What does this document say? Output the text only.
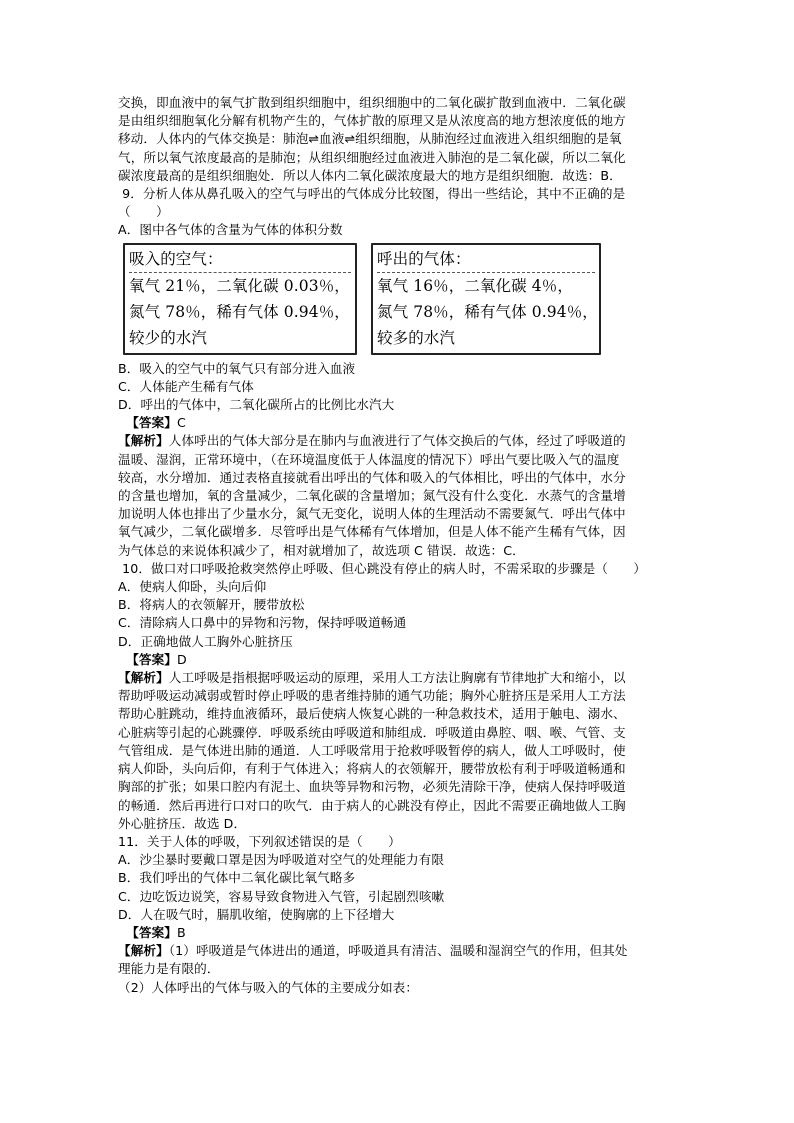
交换，即血液中的氧气扩散到组织细胞中，组织细胞中的二氧化碳扩散到血液中．二氧化碳

是由组织细胞氧化分解有机物产生的，气体扩散的原理又是从浓度高的地方想浓度低的地方

移动．人体内的气体交换是：肺泡⇌血液⇌组织细胞，从肺泡经过血液进入组织细胞的是氧

气，所以氧气浓度最高的是肺泡；从组织细胞经过血液进入肺泡的是二氧化碳，所以二氧化

碳浓度最高的是组织细胞处．所以人体内二氧化碳浓度最大的地方是组织细胞．故选：B．

9．分析人体从鼻孔吸入的空气与呼出的气体成分比较图，得出一些结论，其中不正确的是

（　　）

A．图中各气体的含量为气体的体积分数

吸入的空气：
氧气 21％，二氧化碳 0.03％，
氮气 78％，稀有气体 0.94％，
较少的水汽
呼出的气体：
氧气 16％，二氧化碳 4％，
氮气 78％，稀有气体 0.94％，
较多的水汽

B．吸入的空气中的氧气只有部分进入血液

C．人体能产生稀有气体

D．呼出的气体中，二氧化碳所占的比例比水汽大

【答案】C

【解析】人体呼出的气体大部分是在肺内与血液进行了气体交换后的气体，经过了呼吸道的

温暖、湿润，正常环境中，（在环境温度低于人体温度的情况下）呼出气要比吸入气的温度

较高，水分增加．通过表格直接就看出呼出的气体和吸入的气体相比，呼出的气体中，水分

的含量也增加，氧的含量减少，二氧化碳的含量增加；氮气没有什么变化．水蒸气的含量增

加说明人体也排出了少量水分，氮气无变化，说明人体的生理活动不需要氮气．呼出气体中

氧气减少，二氧化碳增多．尽管呼出是气体稀有气体增加，但是人体不能产生稀有气体，因

为气体总的来说体积减少了，相对就增加了，故选项 C 错误．故选：C．

10．做口对口呼吸抢救突然停止呼吸、但心跳没有停止的病人时，不需采取的步骤是（　　）

A．使病人仰卧，头向后仰

B．将病人的衣领解开，腰带放松

C．清除病人口鼻中的异物和污物，保持呼吸道畅通

D．正确地做人工胸外心脏挤压

【答案】D

【解析】人工呼吸是指根据呼吸运动的原理，采用人工方法让胸廓有节律地扩大和缩小，以

帮助呼吸运动减弱或暂时停止呼吸的患者维持肺的通气功能；胸外心脏挤压是采用人工方法

帮助心脏跳动，维持血液循环，最后使病人恢复心跳的一种急救技术，适用于触电、溺水、

心脏病等引起的心跳骤停．呼吸系统由呼吸道和肺组成．呼吸道由鼻腔、咽、喉、气管、支

气管组成．是气体进出肺的通道．人工呼吸常用于抢救呼吸暂停的病人，做人工呼吸时，使

病人仰卧，头向后仰，有利于气体进入；将病人的衣领解开，腰带放松有利于呼吸道畅通和

胸部的扩张；如果口腔内有泥土、血块等异物和污物，必须先清除干净，使病人保持呼吸道

的畅通．然后再进行口对口的吹气．由于病人的心跳没有停止，因此不需要正确地做人工胸

外心脏挤压．故选 D．

11．关于人体的呼吸，下列叙述错误的是（　　）

A．沙尘暴时要戴口罩是因为呼吸道对空气的处理能力有限

B．我们呼出的气体中二氧化碳比氧气略多

C．边吃饭边说笑，容易导致食物进入气管，引起剧烈咳嗽

D．人在吸气时，膈肌收缩，使胸廓的上下径增大

【答案】B

【解析】（1）呼吸道是气体进出的通道，呼吸道具有清洁、温暖和湿润空气的作用，但其处

理能力是有限的．

（2）人体呼出的气体与吸入的气体的主要成分如表：
